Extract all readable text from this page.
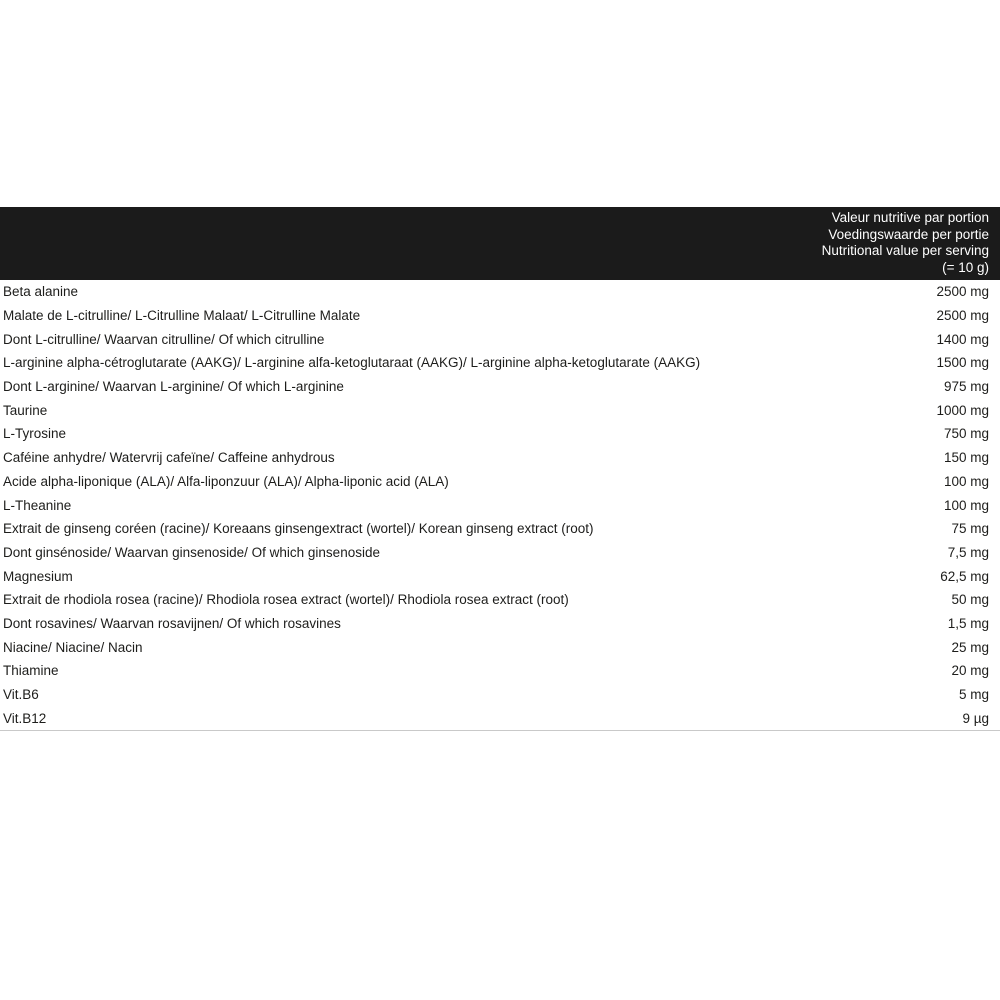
Valeur nutritive par portion
Voedingswaarde per portie
Nutritional value per serving
(= 10 g)
Beta alanine	2500 mg
Malate de L-citrulline/ L-Citrulline Malaat/ L-Citrulline Malate	2500 mg
Dont L-citrulline/ Waarvan citrulline/ Of which citrulline	1400 mg
L-arginine alpha-cétroglutarate (AAKG)/ L-arginine alfa-ketoglutaraat (AAKG)/ L-arginine alpha-ketoglutarate (AAKG)	1500 mg
Dont L-arginine/ Waarvan L-arginine/ Of which L-arginine	975 mg
Taurine	1000 mg
L-Tyrosine	750 mg
Caféine anhydre/ Watervrij cafeïne/ Caffeine anhydrous	150 mg
Acide alpha-liponique (ALA)/ Alfa-liponzuur (ALA)/ Alpha-liponic acid (ALA)	100 mg
L-Theanine	100 mg
Extrait de ginseng coréen (racine)/ Koreaans ginsengextract (wortel)/ Korean ginseng extract (root)	75 mg
Dont ginsénoside/ Waarvan ginsenoside/ Of which ginsenoside	7,5 mg
Magnesium	62,5 mg
Extrait de rhodiola rosea (racine)/ Rhodiola rosea extract (wortel)/ Rhodiola rosea extract (root)	50 mg
Dont rosavines/ Waarvan rosavijnen/ Of which rosavines	1,5 mg
Niacine/ Niacine/ Nacin	25 mg
Thiamine	20 mg
Vit.B6	5 mg
Vit.B12	9 µg
